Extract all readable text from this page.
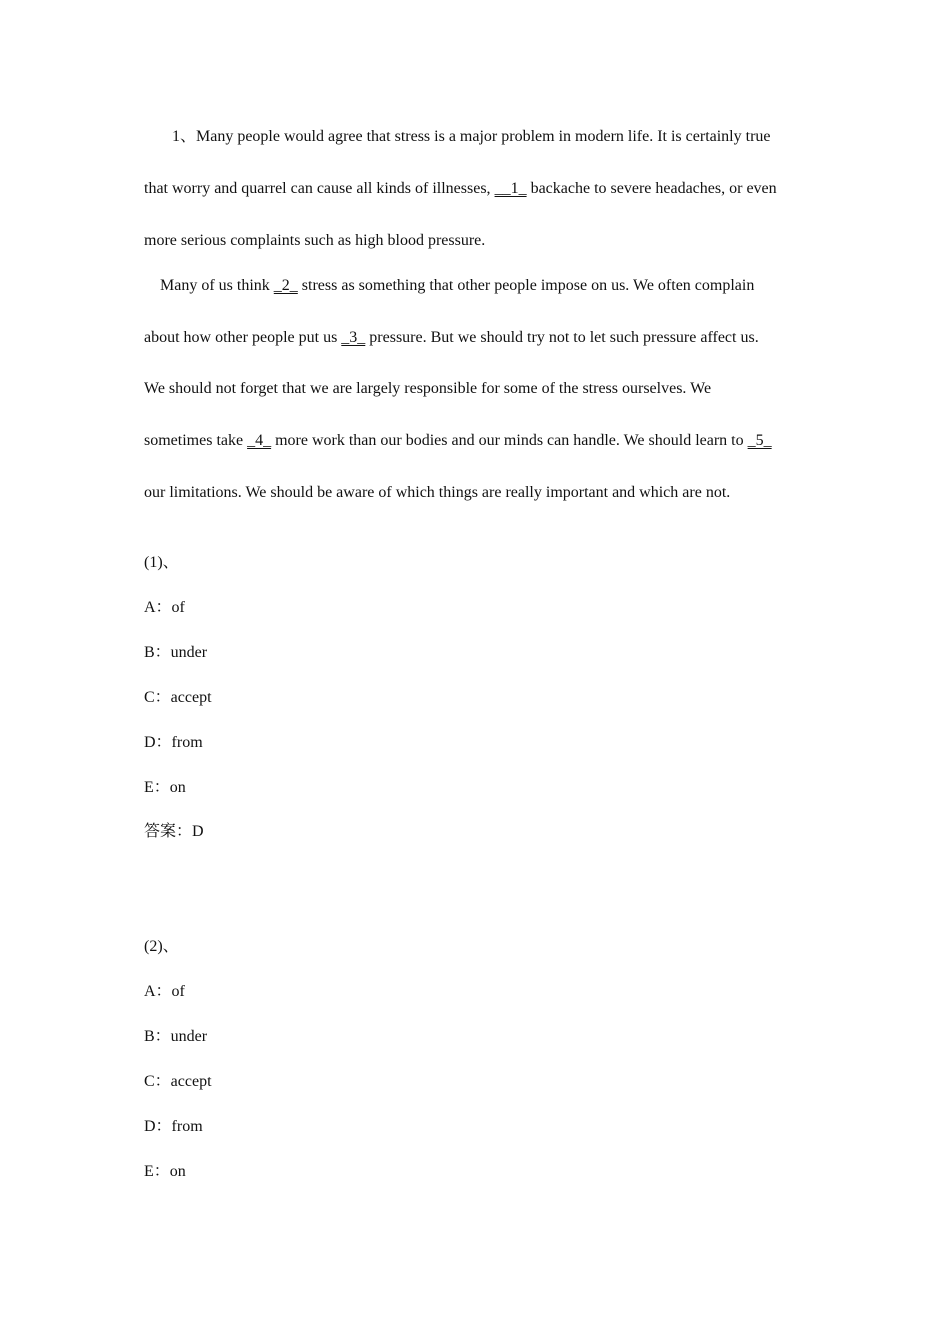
1、Many people would agree that stress is a major problem in modern life. It is certainly true
that worry and quarrel can cause all kinds of illnesses, __1_ backache to severe headaches, or even
more serious complaints such as high blood pressure.
Many of us think _2_ stress as something that other people impose on us. We often complain
about how other people put us _3_ pressure. But we should try not to let such pressure affect us.
We should not forget that we are largely responsible for some of the stress ourselves. We
sometimes take _4_ more work than our bodies and our minds can handle. We should learn to _5_
our limitations. We should be aware of which things are really important and which are not.
(1)、
A：of
B：under
C：accept
D：from
E：on
答案：D
(2)、
A：of
B：under
C：accept
D：from
E：on
